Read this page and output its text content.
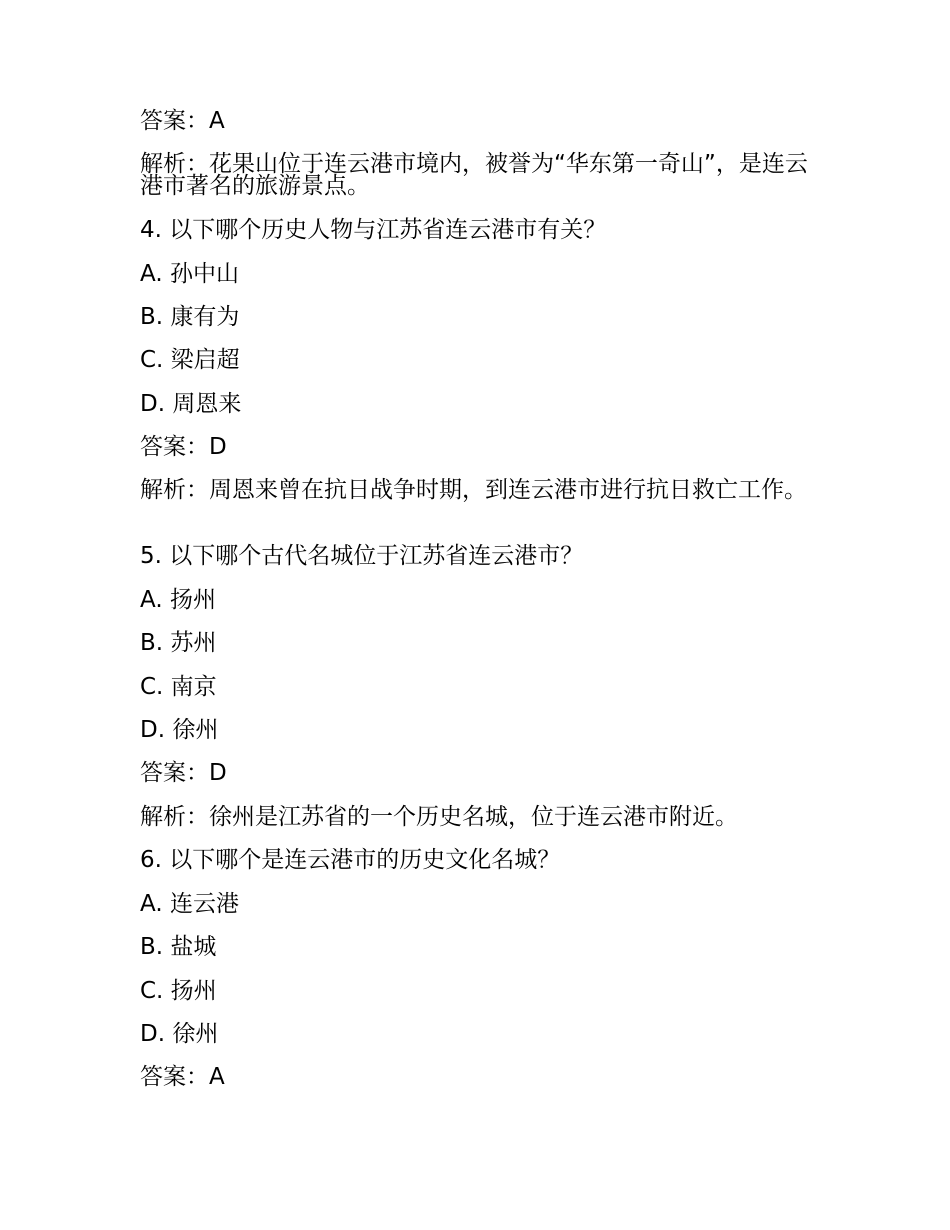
答案：A
解析：花果山位于连云港市境内，被誉为“华东第一奇山”，是连云港市著名的旅游景点。
4. 以下哪个历史人物与江苏省连云港市有关？
A. 孙中山
B. 康有为
C. 梁启超
D. 周恩来
答案：D
解析：周恩来曾在抗日战争时期，到连云港市进行抗日救亡工作。
5. 以下哪个古代名城位于江苏省连云港市？
A. 扬州
B. 苏州
C. 南京
D. 徐州
答案：D
解析：徐州是江苏省的一个历史名城，位于连云港市附近。
6. 以下哪个是连云港市的历史文化名城？
A. 连云港
B. 盐城
C. 扬州
D. 徐州
答案：A
